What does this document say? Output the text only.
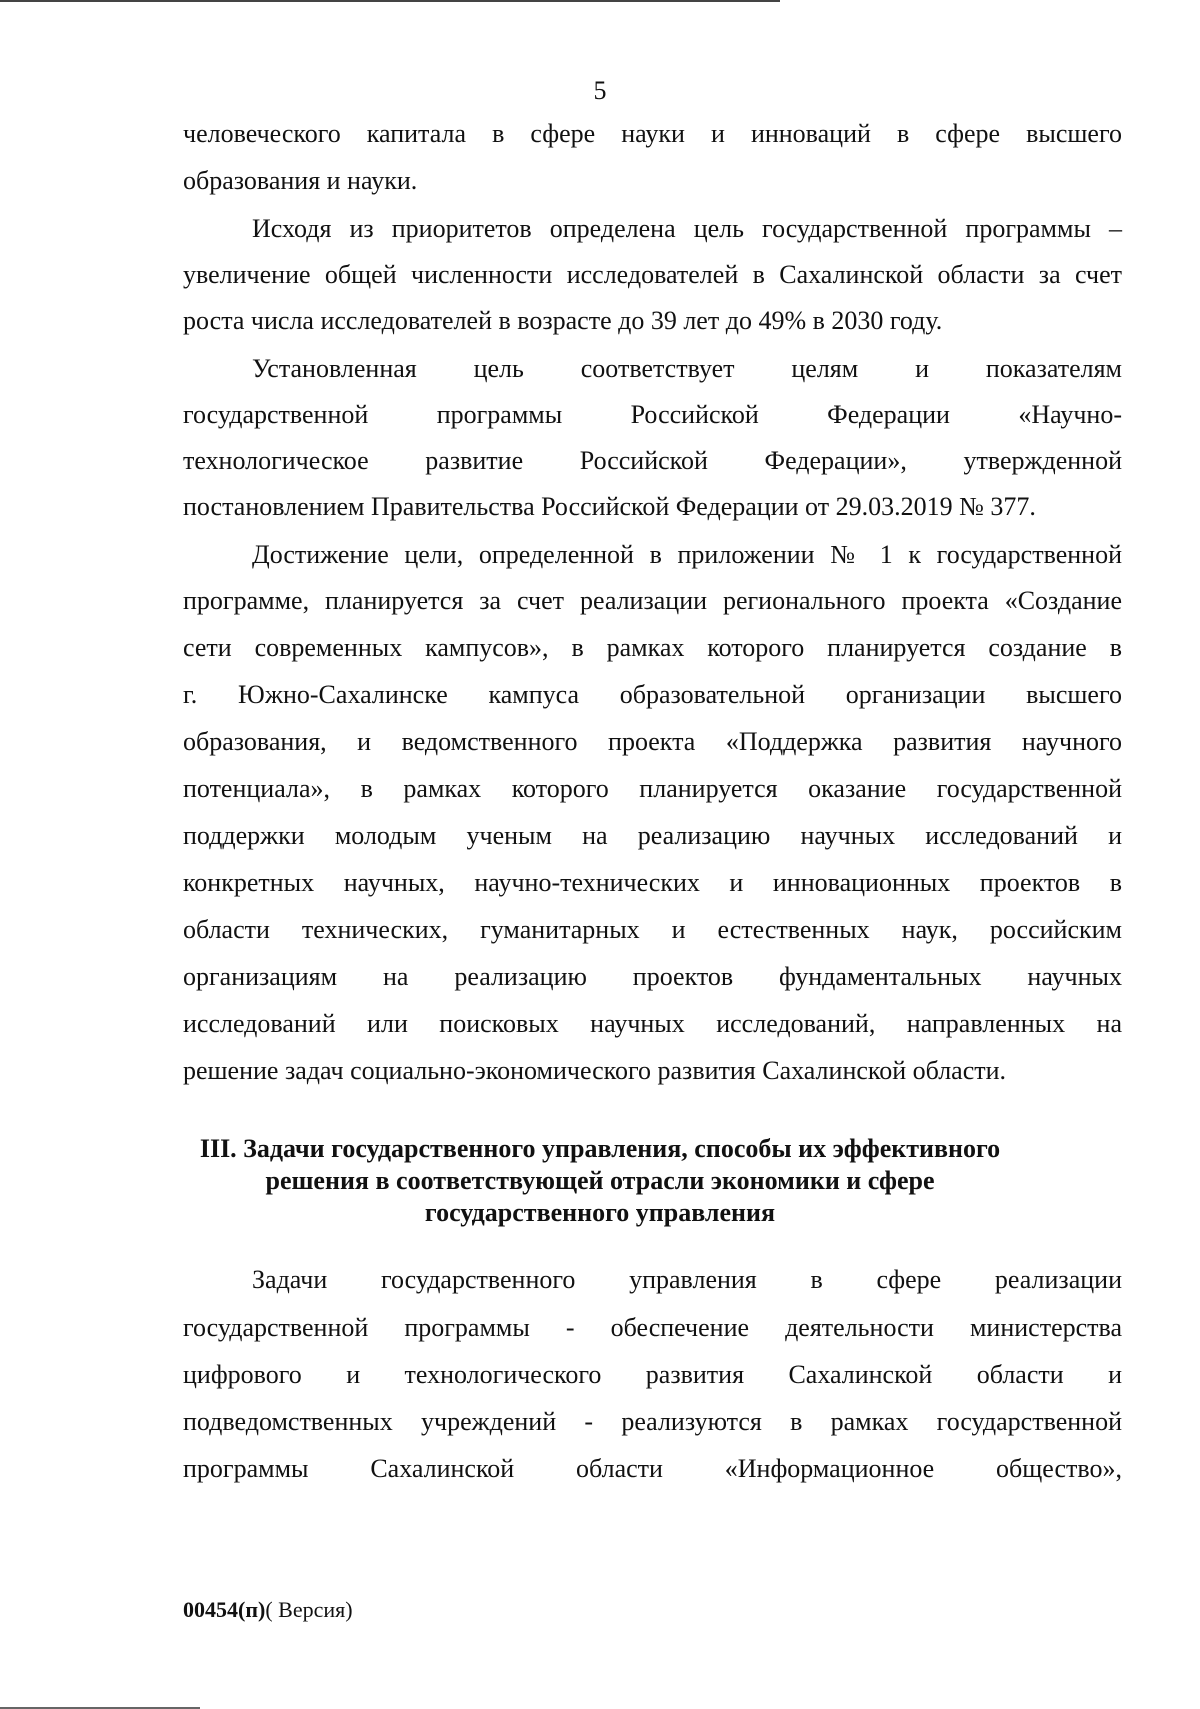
5
человеческого капитала в сфере науки и инноваций в сфере высшего
образования и науки.
Исходя из приоритетов определена цель государственной программы –
увеличение общей численности исследователей в Сахалинской области за счет
роста числа исследователей в возрасте до 39 лет до 49% в 2030 году.
Установленная цель соответствует целям и показателям
государственной программы Российской Федерации «Научно-
технологическое развитие Российской Федерации», утвержденной
постановлением Правительства Российской Федерации от 29.03.2019 № 377.
Достижение цели, определенной в приложении № 1 к государственной
программе, планируется за счет реализации регионального проекта «Создание
сети современных кампусов», в рамках которого планируется создание в
г. Южно-Сахалинске кампуса образовательной организации высшего
образования, и ведомственного проекта «Поддержка развития научного
потенциала», в рамках которого планируется оказание государственной
поддержки молодым ученым на реализацию научных исследований и
конкретных научных, научно-технических и инновационных проектов в
области технических, гуманитарных и естественных наук, российским
организациям на реализацию проектов фундаментальных научных
исследований или поисковых научных исследований, направленных на
решение задач социально-экономического развития Сахалинской области.
III. Задачи государственного управления, способы их эффективного
решения в соответствующей отрасли экономики и сфере
государственного управления
Задачи государственного управления в сфере реализации
государственной программы - обеспечение деятельности министерства
цифрового и технологического развития Сахалинской области и
подведомственных учреждений - реализуются в рамках государственной
программы Сахалинской области «Информационное общество»,
00454(п)( Версия)
